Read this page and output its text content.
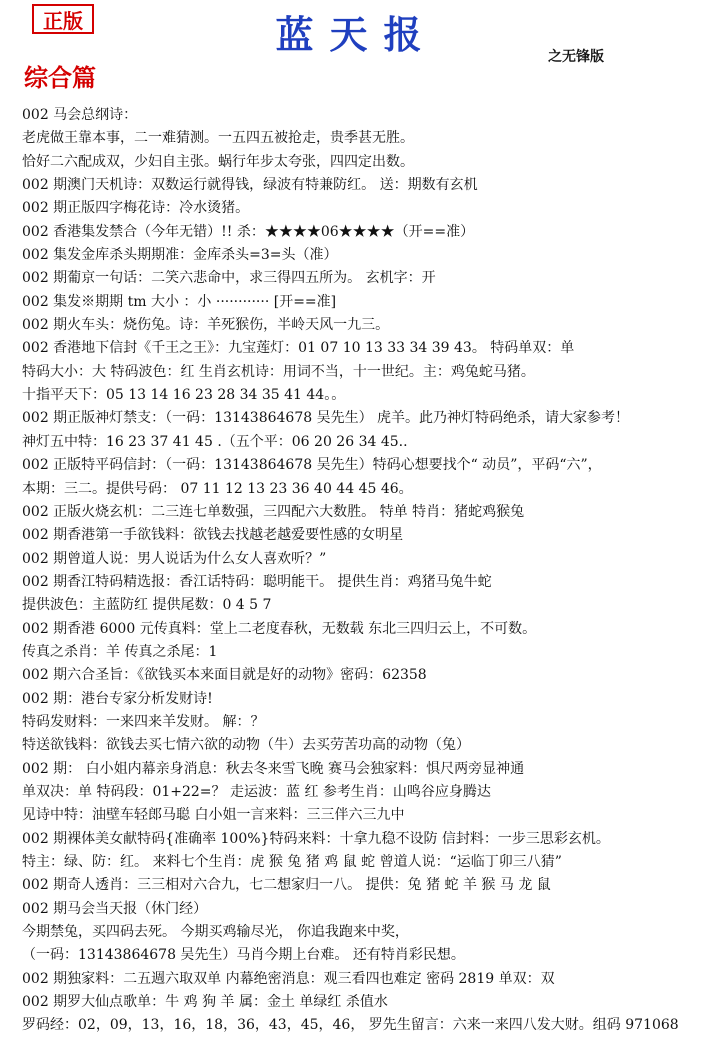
正版	蓝天报	之无锋版
综合篇
002 马会总纲诗：
老虎做王靠本事，二一难猜测。一五四五被抢走，贵季甚无胜。
恰好二六配成双，少妇自主张。蜗行年步太夸张，四四定出数。
002 期澳门天机诗：双数运行就得钱，绿波有特兼防红。 送：期数有玄机
002 期正版四字梅花诗：冷水烫猪。
002 香港集发禁合（今年无错）!! 杀：★★★★06★★★★（开==准）
002 集发金库杀头期期准：金库杀头=3=头（准）
002 期葡京一句话：二笑六悲命中，求三得四五所为。 玄机字：开
002 集发※期期 tm 大小 ：小 ············ [开==准]
002 期火车头：烧伤兔。诗：羊死猴伤，半岭天风一九三。
002 香港地下信封《千王之王》：九宝莲灯：01 07 10 13 33 34 39 43。 特码单双：单
特码大小：大 特码波色：红 生肖玄机诗：用词不当，十一世纪。主：鸡兔蛇马猪。
十指平天下：05 13 14 16 23 28 34 35 41 44。。
002 期正版神灯禁支：（一码：13143864678 吴先生） 虎羊。此乃神灯特码绝杀，请大家参考！
神灯五中特：16 23 37 41 45 .（五个平：06 20 26 34 45..
002 正版特平码信封：（一码：13143864678 吴先生）特码心想要找个“ 动员”，平码“六”，
本期：三二。提供号码： 07 11 12 13 23 36 40 44 45 46。
002 正版火烧玄机：二三连七单数强，三四配六大数胜。 特单 特肖：猪蛇鸡猴兔
002 期香港第一手欲钱料：欲钱去找越老越爱要性感的女明星
002 期曾道人说：男人说话为什么女人喜欢听？”
002 期香江特码精选报：香江话特码：聪明能干。 提供生肖：鸡猪马兔牛蛇
提供波色：主蓝防红 提供尾数：0 4 5 7
002 期香港 6000 元传真料：堂上二老度春秋，无数载 东北三四归云上，不可数。
传真之杀肖：羊 传真之杀尾：1
002 期六合圣旨：《欲钱买本来面目就是好的动物》密码：62358
002 期：港台专家分析发财诗!
特码发财料：一来四来羊发财。 解：？
特送欲钱料：欲钱去买七情六欲的动物（牛）去买劳苦功高的动物（兔）
002 期： 白小姐内幕亲身消息：秋去冬来雪飞晚 赛马会独家料：惧尺两旁显神通
单双决：单 特码段：01+22=？ 走运波：蓝 红 参考生肖：山鸣谷应身腾达
见诗中特：油壁车轻郎马聪 白小姐一言来料：三三伴六三九中
002 期裸体美女献特码{准确率 100%}特码来料：十拿九稳不设防 信封料：一步三思彩玄机。
特主：绿、防：红。 来料七个生肖：虎 猴 兔 猪 鸡 鼠 蛇 曾道人说：“运临丁卯三八猜”
002 期奇人透肖：三三相对六合九，七二想家归一八。 提供：兔 猪 蛇 羊 猴 马 龙 鼠
002 期马会当天报（休门经）
今期禁兔，买四码去死。 今期买鸡输尽光， 你追我跑来中奖，
（一码：13143864678 吴先生）马肖今期上台难。 还有特肖彩民想。
002 期独家料：二五週六取双单 内幕绝密消息：观三看四也难定 密码 2819 单双：双
002 期罗大仙点歌单：牛 鸡 狗 羊 属：金土 单绿红 杀值水
罗码经：02，09，13，16，18，36，43，45，46， 罗先生留言：六来一来四八发大财。组码 971068
